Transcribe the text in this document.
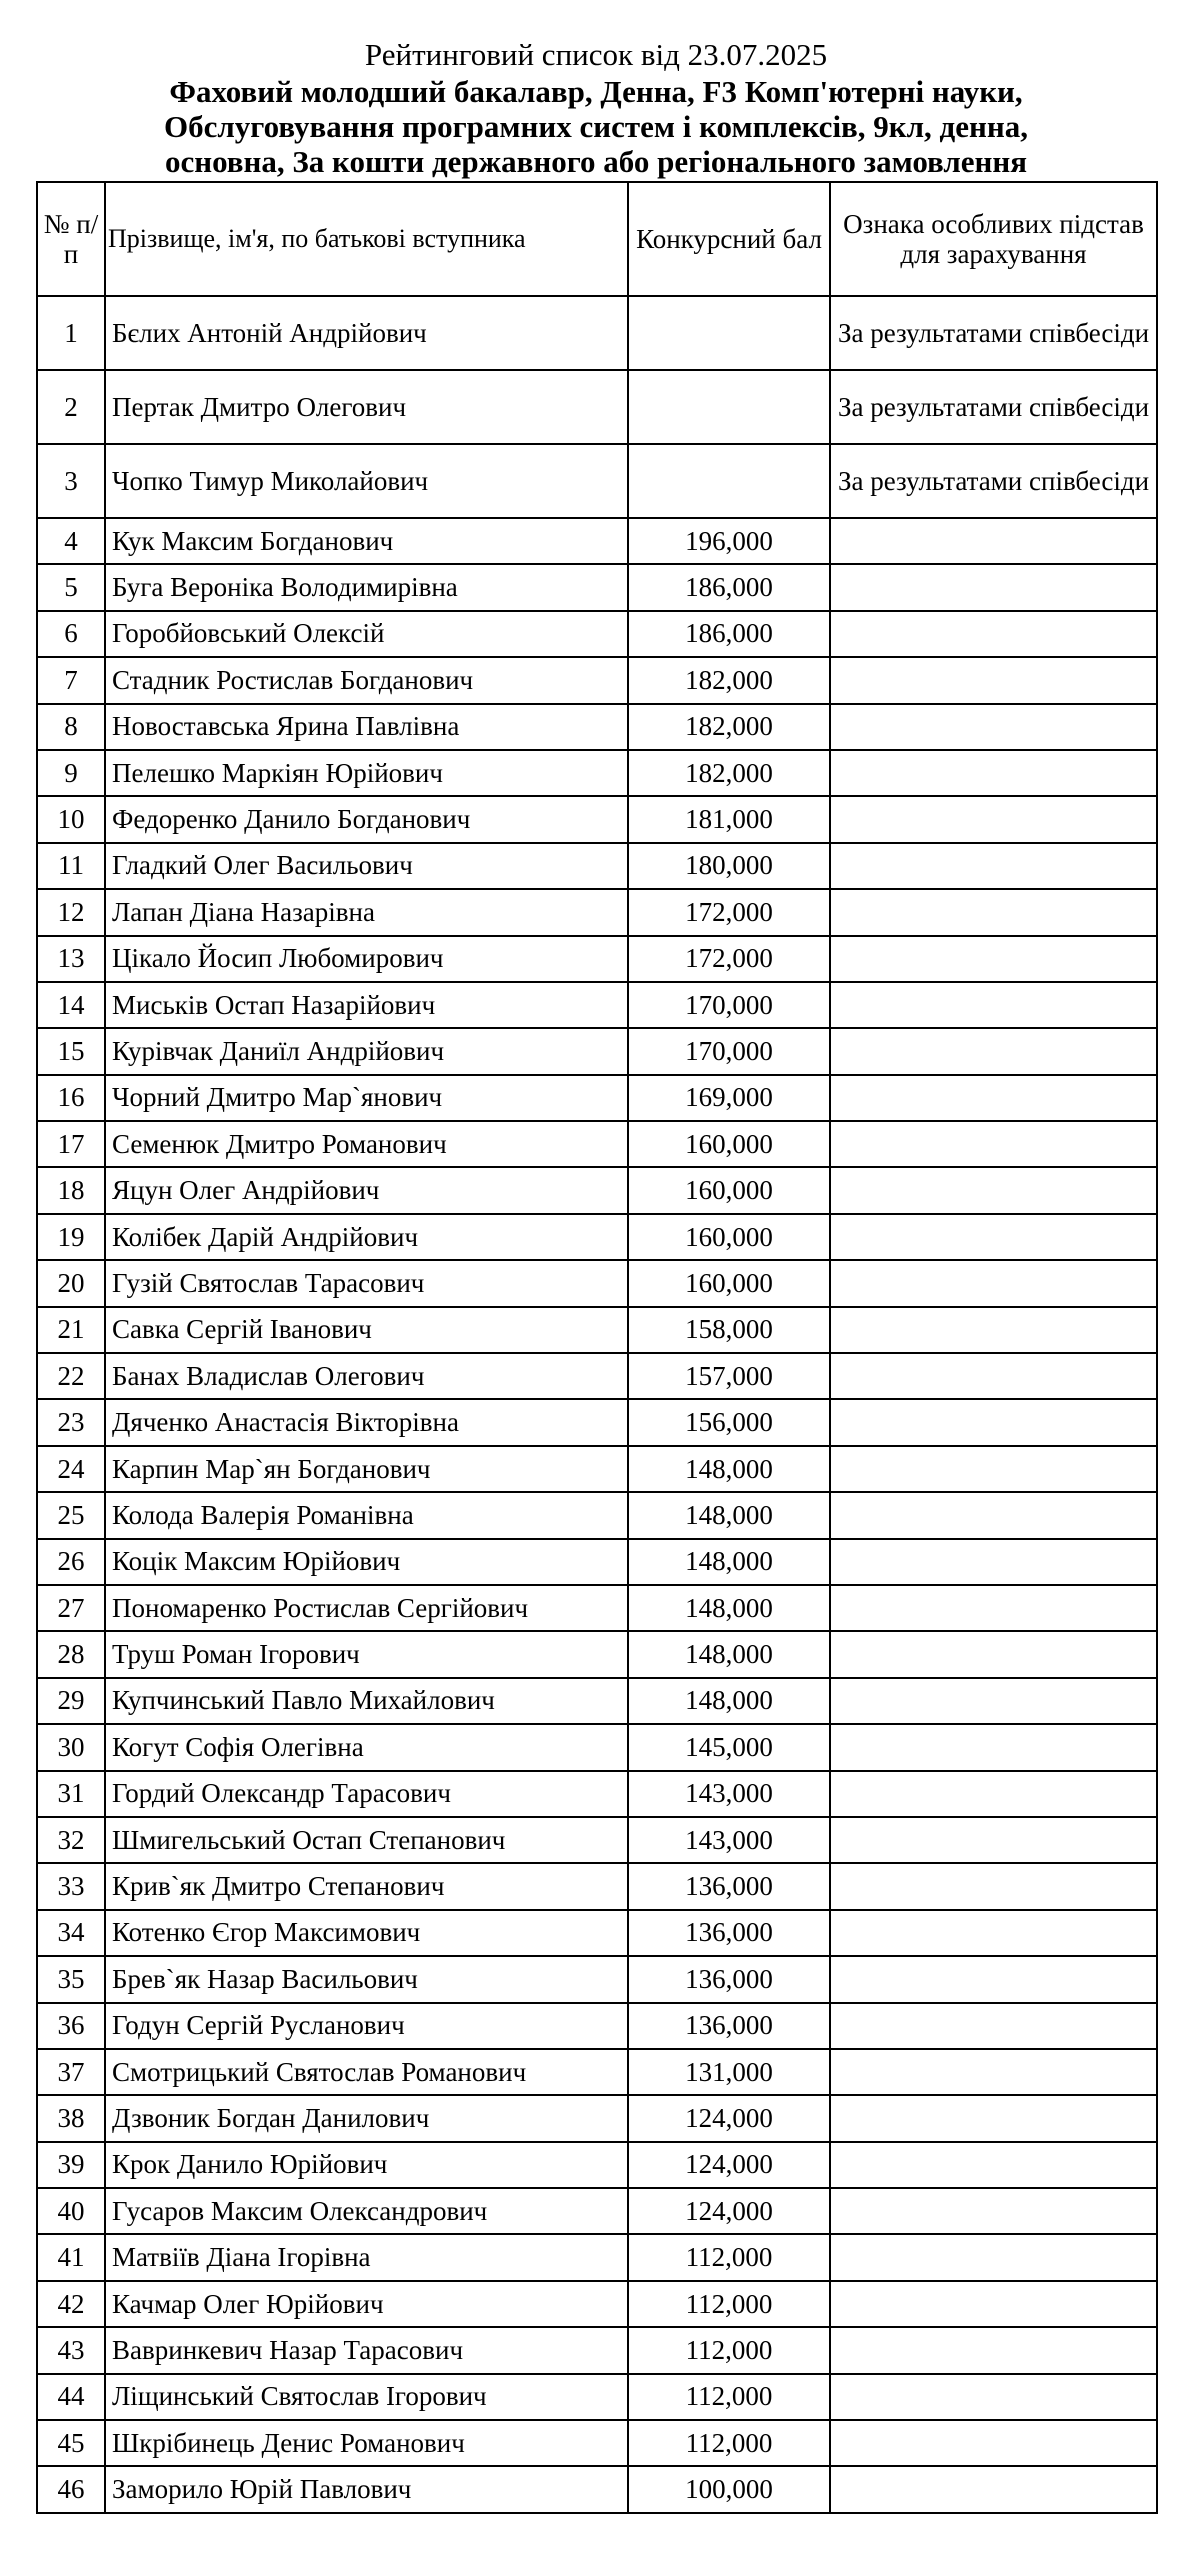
Рейтинговий список від 23.07.2025
Фаховий молодший бакалавр, Денна, F3 Комп'ютерні науки,
Обслуговування програмних систем і комплексів, 9кл, денна,
основна, За кошти державного або регіонального замовлення
№ п/п	Прізвище, ім'я, по батькові вступника	Конкурсний бал	Ознака особливих підстав для зарахування
1	Бєлих Антоній Андрійович		За результатами співбесіди
2	Пертак Дмитро Олегович		За результатами співбесіди
3	Чопко Тимур Миколайович		За результатами співбесіди
4	Кук Максим Богданович	196,000	
5	Буга Вероніка Володимирівна	186,000	
6	Горобйовський Олексій	186,000	
7	Стадник Ростислав Богданович	182,000	
8	Новоставська Ярина Павлівна	182,000	
9	Пелешко Маркіян Юрійович	182,000	
10	Федоренко Данило Богданович	181,000	
11	Гладкий Олег Васильович	180,000	
12	Лапан Діана Назарівна	172,000	
13	Цікало Йосип Любомирович	172,000	
14	Миськів Остап Назарійович	170,000	
15	Курівчак Даниїл Андрійович	170,000	
16	Чорний Дмитро Мар`янович	169,000	
17	Семенюк Дмитро Романович	160,000	
18	Яцун Олег Андрійович	160,000	
19	Колібек Дарій Андрійович	160,000	
20	Гузій Святослав Тарасович	160,000	
21	Савка Сергій Іванович	158,000	
22	Банах Владислав Олегович	157,000	
23	Дяченко Анастасія Вікторівна	156,000	
24	Карпин Мар`ян Богданович	148,000	
25	Колода Валерія Романівна	148,000	
26	Коцік Максим Юрійович	148,000	
27	Пономаренко Ростислав Сергійович	148,000	
28	Труш Роман Ігорович	148,000	
29	Купчинський Павло Михайлович	148,000	
30	Когут Софія Олегівна	145,000	
31	Гордий Олександр Тарасович	143,000	
32	Шмигельський Остап Степанович	143,000	
33	Крив`як Дмитро Степанович	136,000	
34	Котенко Єгор Максимович	136,000	
35	Брев`як Назар Васильович	136,000	
36	Годун Сергій Русланович	136,000	
37	Смотрицький Святослав Романович	131,000	
38	Дзвоник Богдан Данилович	124,000	
39	Крок Данило Юрійович	124,000	
40	Гусаров Максим Олександрович	124,000	
41	Матвіїв Діана Ігорівна	112,000	
42	Качмар Олег Юрійович	112,000	
43	Вавринкевич Назар Тарасович	112,000	
44	Ліщинський Святослав Ігорович	112,000	
45	Шкрібинець Денис Романович	112,000	
46	Заморило Юрій Павлович	100,000	
